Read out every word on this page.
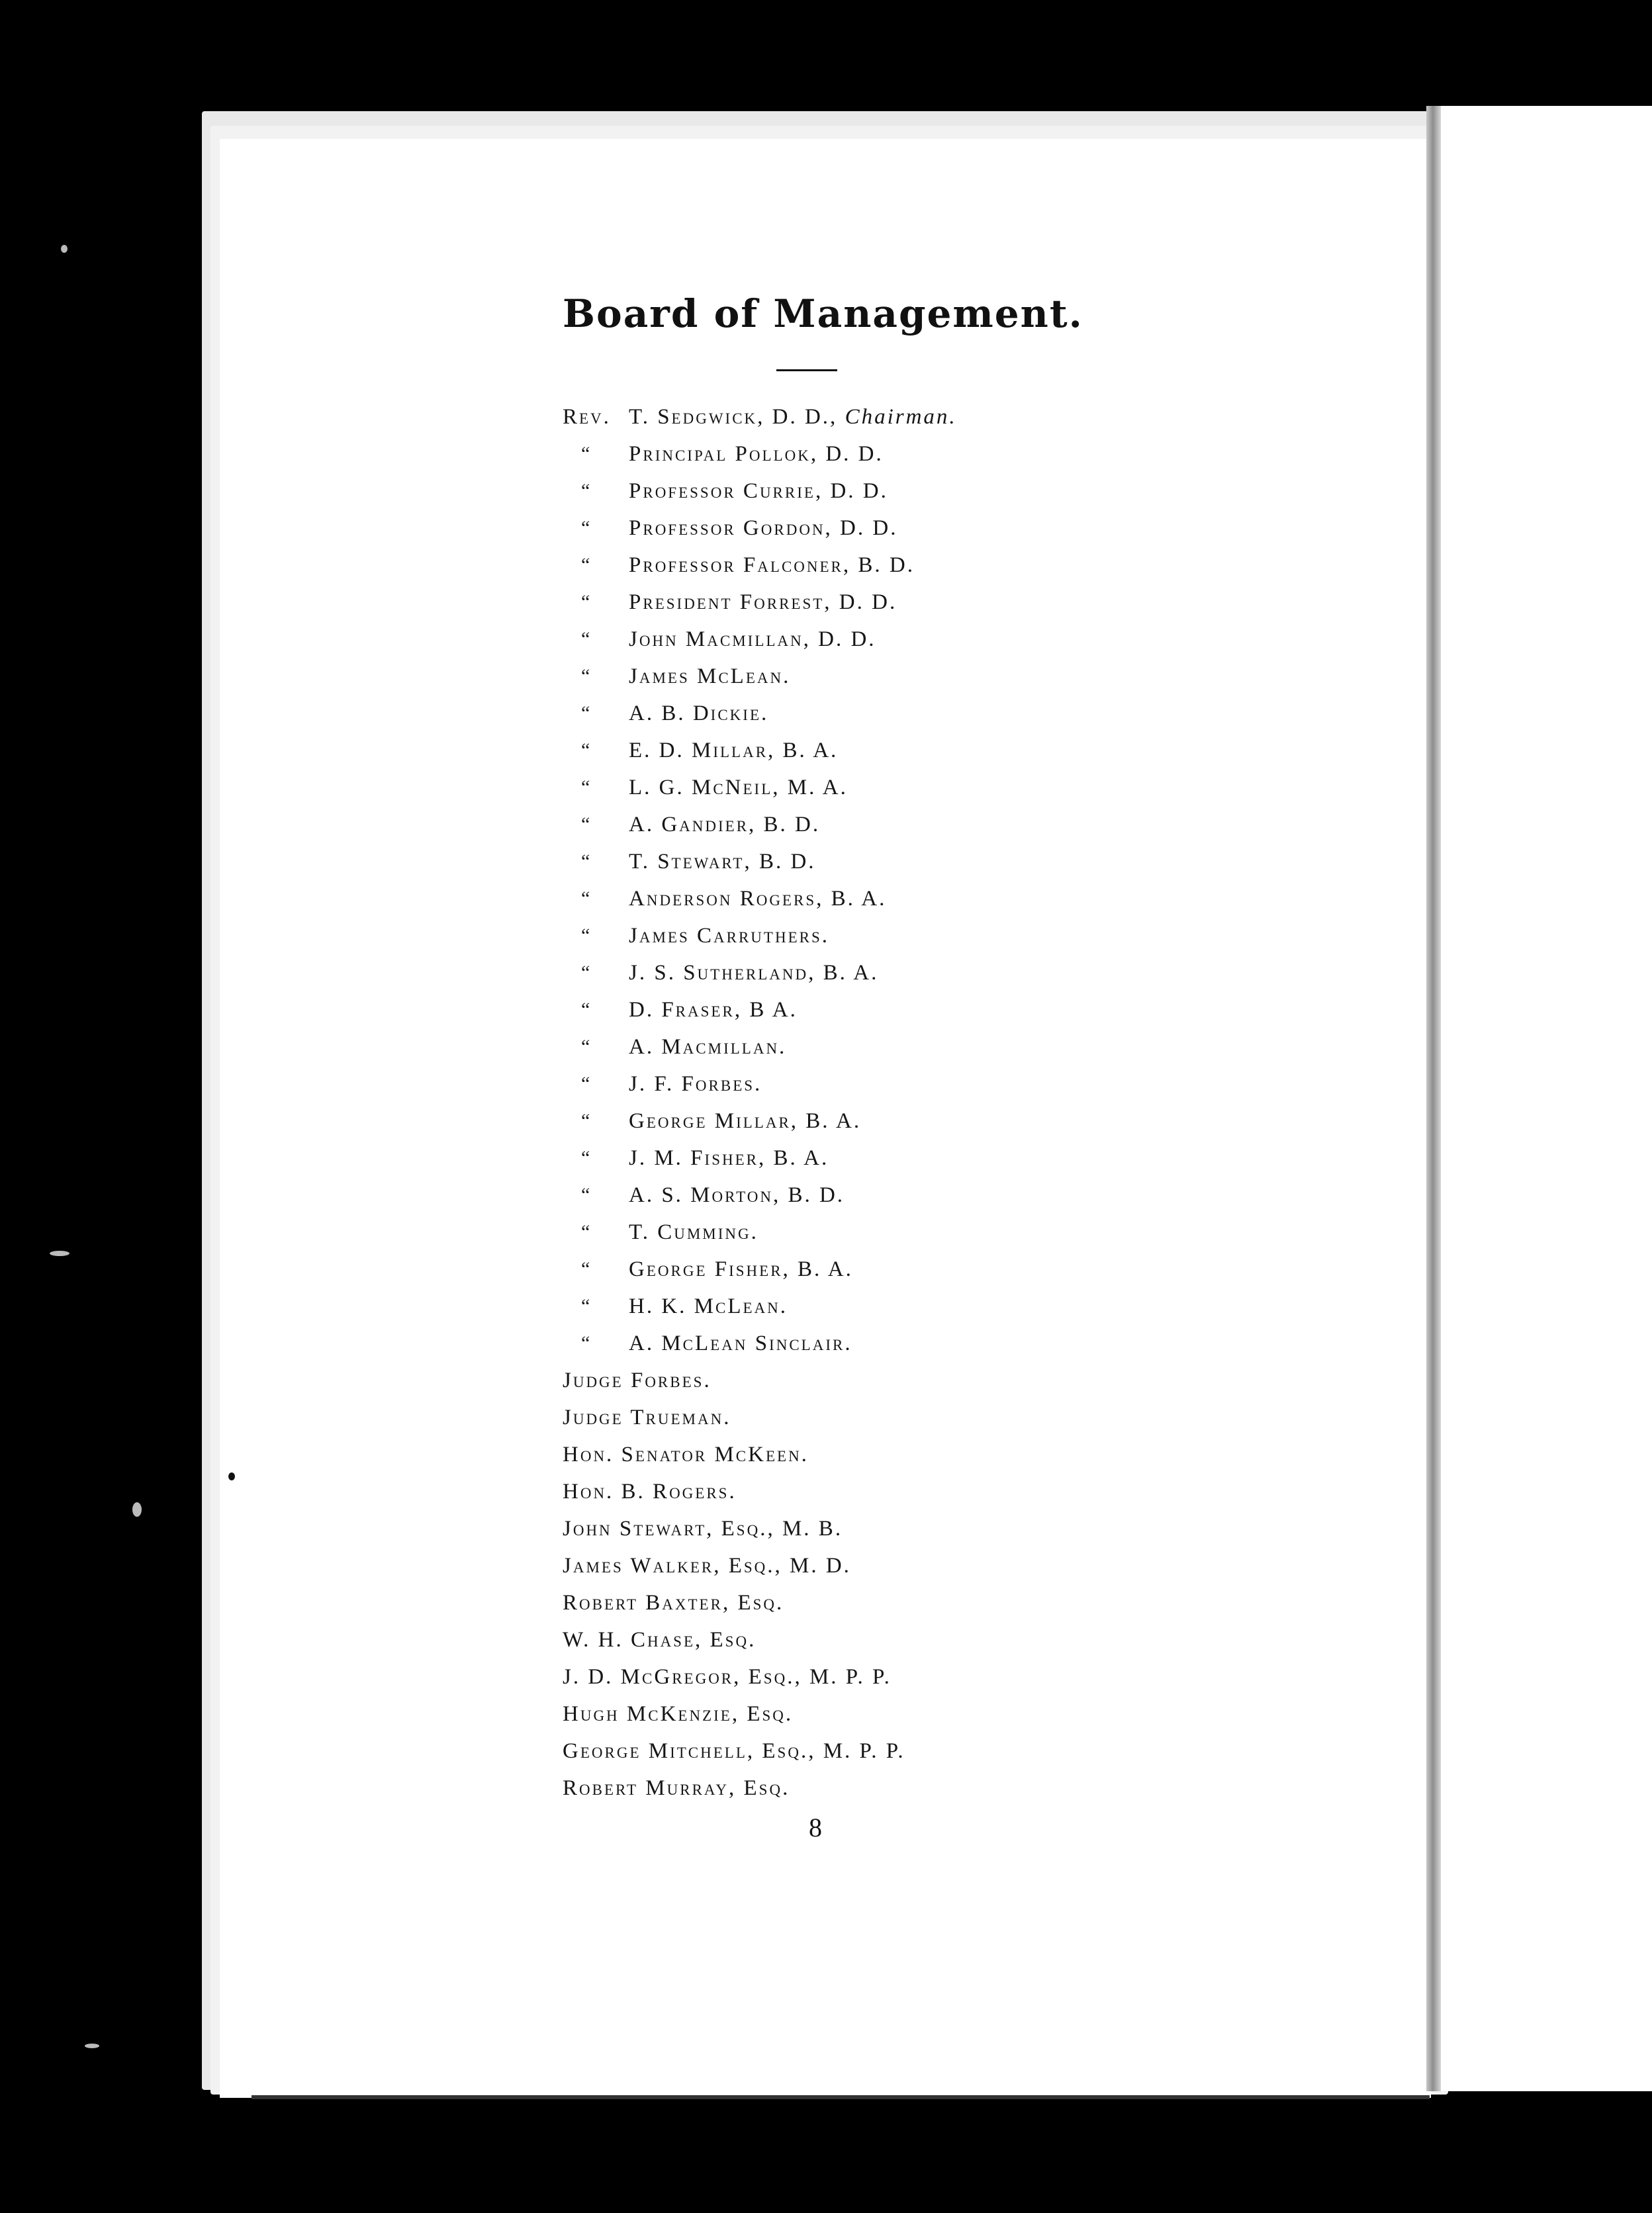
Board of Management.
Rev. T. Sedgwick, D. D., Chairman.
“	Principal Pollok, D. D.
“	Professor Currie, D. D.
“	Professor Gordon, D. D.
“	Professor Falconer, B. D.
“	President Forrest, D. D.
“	John Macmillan, D. D.
“	James McLean.
“	A. B. Dickie.
“	E. D. Millar, B. A.
“	L. G. McNeil, M. A.
“	A. Gandier, B. D.
“	T. Stewart, B. D.
“	Anderson Rogers, B. A.
“	James Carruthers.
“	J. S. Sutherland, B. A.
“	D. Fraser, B A.
“	A. Macmillan.
“	J. F. Forbes.
“	George Millar, B. A.
“	J. M. Fisher, B. A.
“	A. S. Morton, B. D.
“	T. Cumming.
“	George Fisher, B. A.
“	H. K. McLean.
“	A. McLean Sinclair.
Judge Forbes.
Judge Trueman.
Hon. Senator McKeen.
Hon. B. Rogers.
John Stewart, Esq., M. B.
James Walker, Esq., M. D.
Robert Baxter, Esq.
W. H. Chase, Esq.
J. D. McGregor, Esq., M. P. P.
Hugh McKenzie, Esq.
George Mitchell, Esq., M. P. P.
Robert Murray, Esq.
8
